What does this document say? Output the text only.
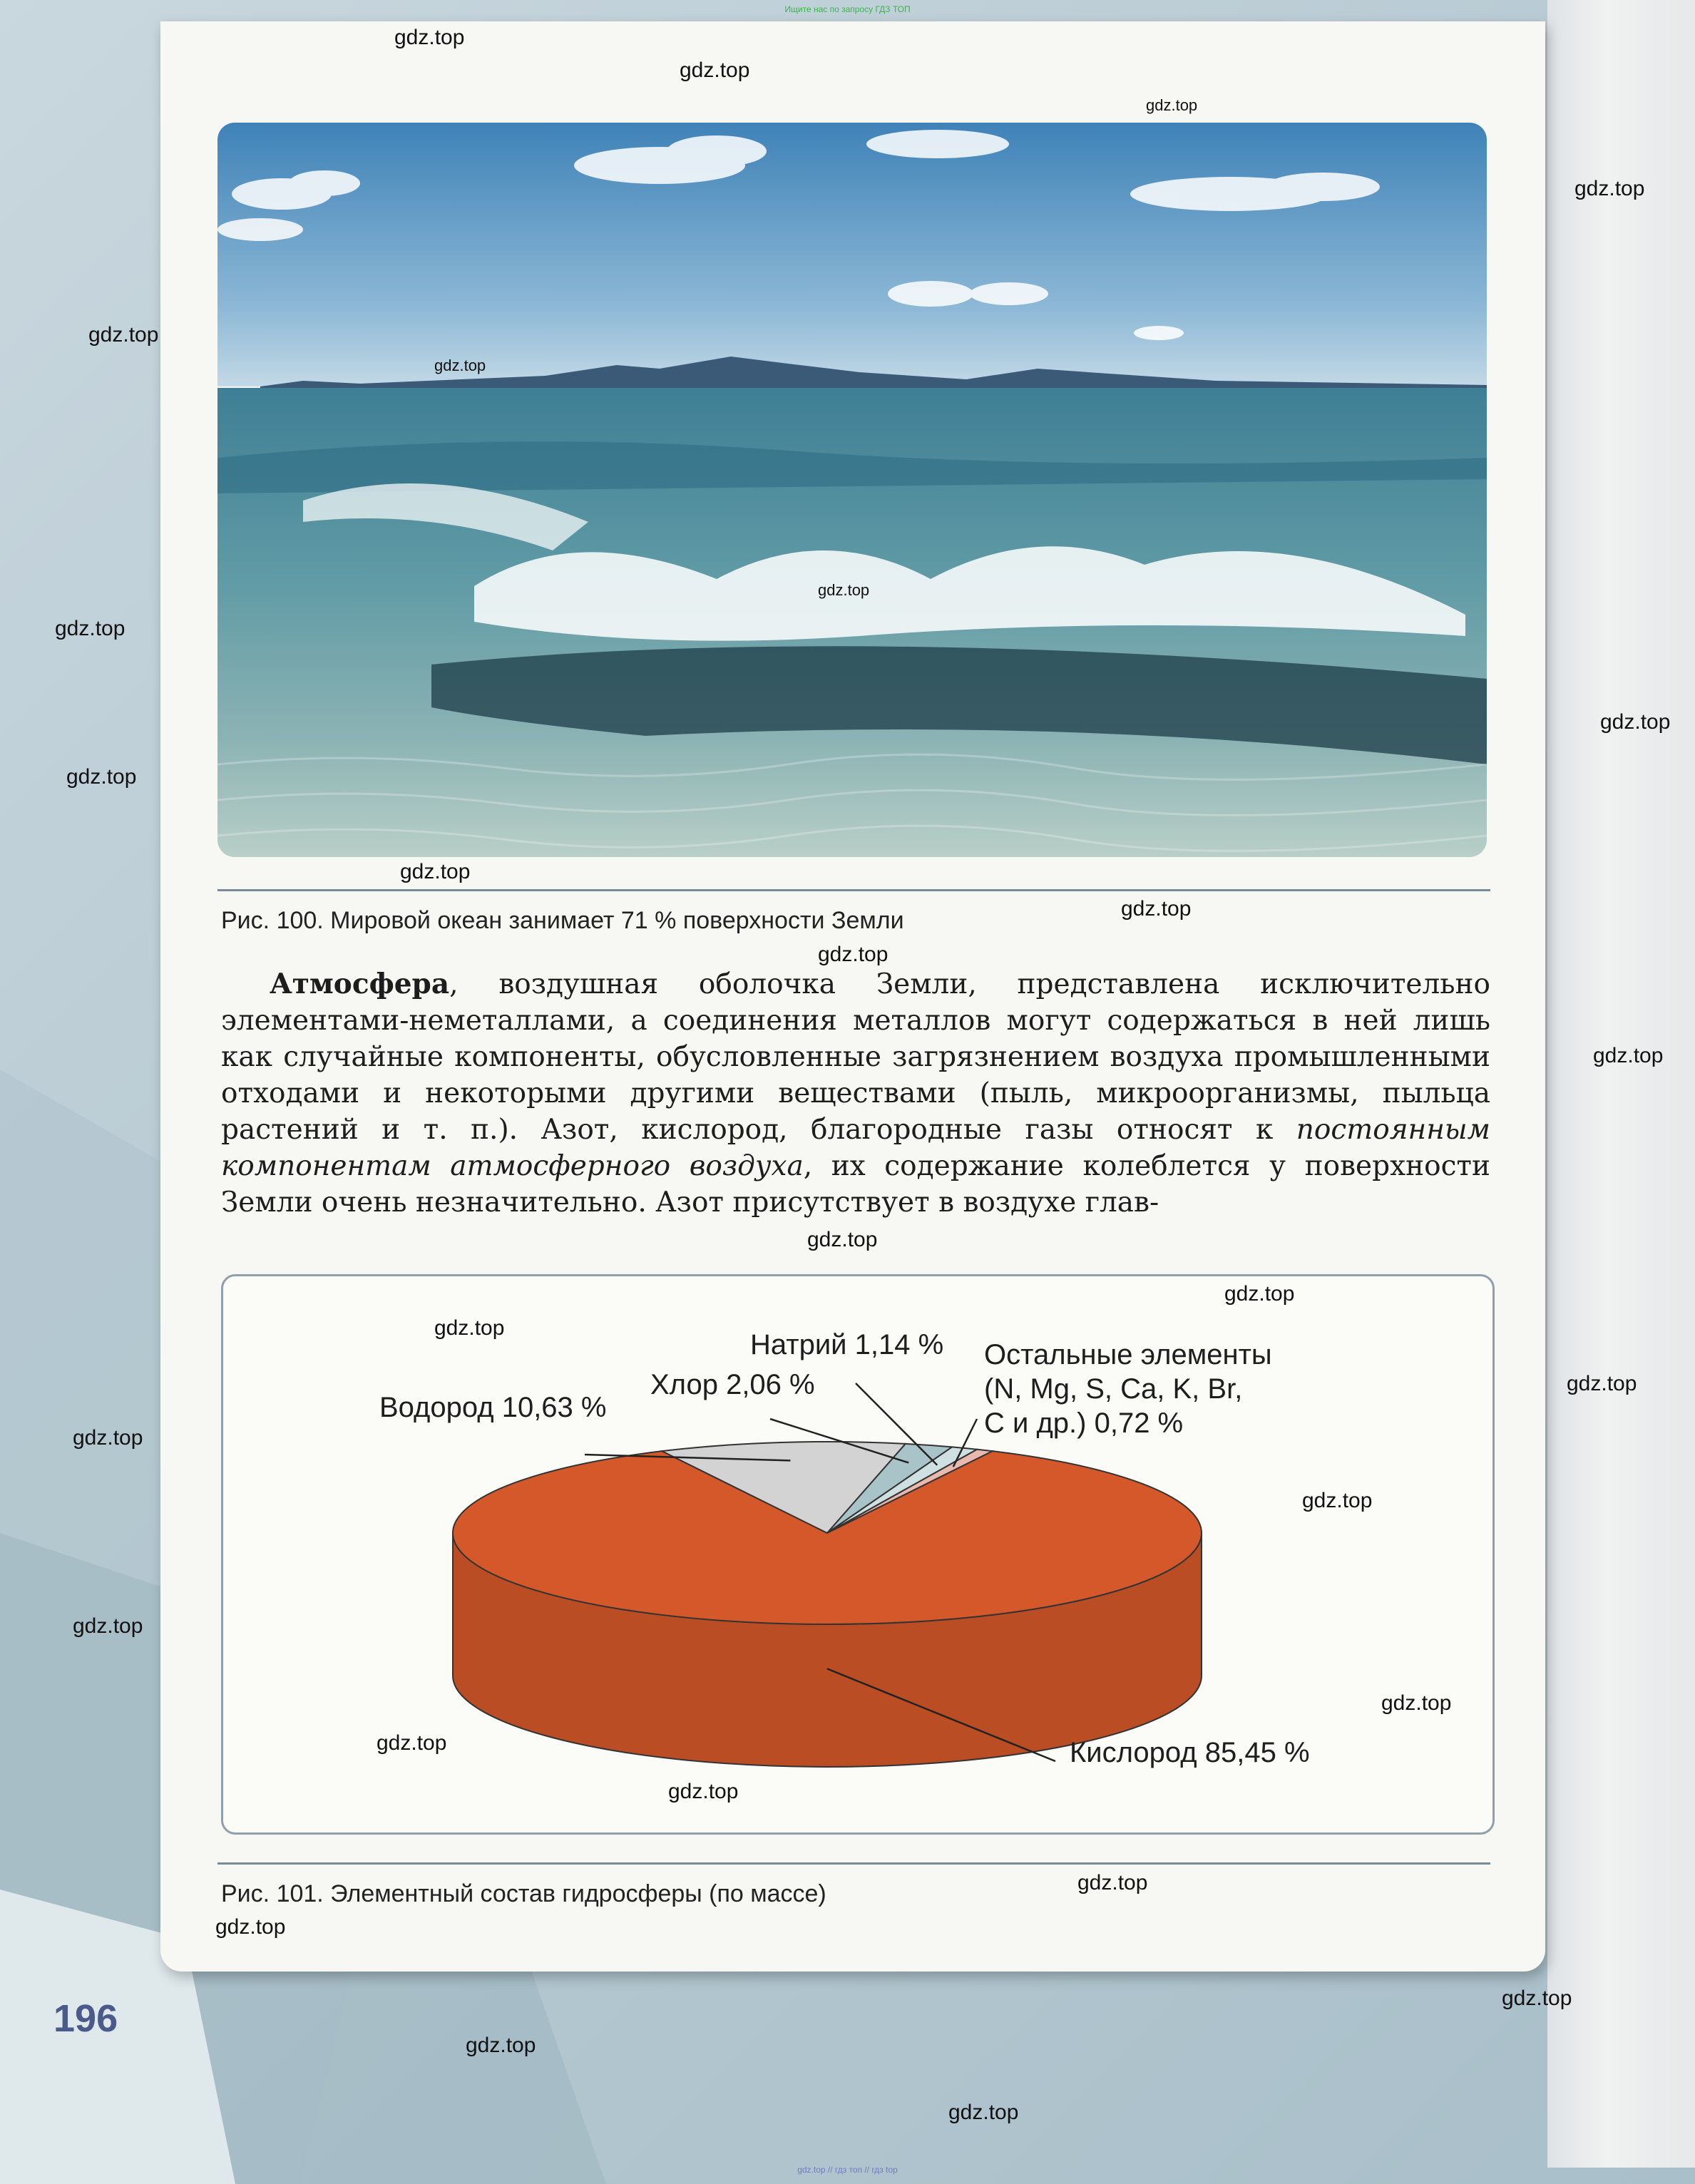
Ищите нас по запросу ГДЗ ТОП
Рис. 100. Мировой океан занимает 71 % поверхности Земли

Атмосфера, воздушная оболочка Земли, представлена исключительно элементами-неметаллами, а соединения металлов могут содержаться в ней лишь как случайные компоненты, обусловленные загрязнением воздуха промышленными отходами и некоторыми другими веществами (пыль, микроорганизмы, пыльца растений и т. п.). Азот, кислород, благородные газы относят к постоянным компонентам атмосферного воздуха, их содержание колеблется у поверхности Земли очень незначительно. Азот присутствует в воздухе глав-

Кислород 85,45 %
Водород 10,63 %
Хлор 2,06 %
Натрий 1,14 % Остальные элементы
(N, Mg, S, Ca, K, Br,
C и др.) 0,72 %
Рис. 101. Элементный состав гидросферы (по массе)
196
gdz.top
gdz.top
gdz.top
gdz.top
gdz.top
gdz.top
gdz.top
gdz.top
gdz.top
gdz.top
gdz.top
gdz.top
gdz.top
gdz.top
gdz.top
gdz.top
gdz.top
gdz.top
gdz.top
gdz.top
gdz.top
gdz.top
gdz.top
gdz.top
gdz.top
gdz.top
gdz.top
gdz.top
gdz.top
gdz.top // гдз топ // гдз top
